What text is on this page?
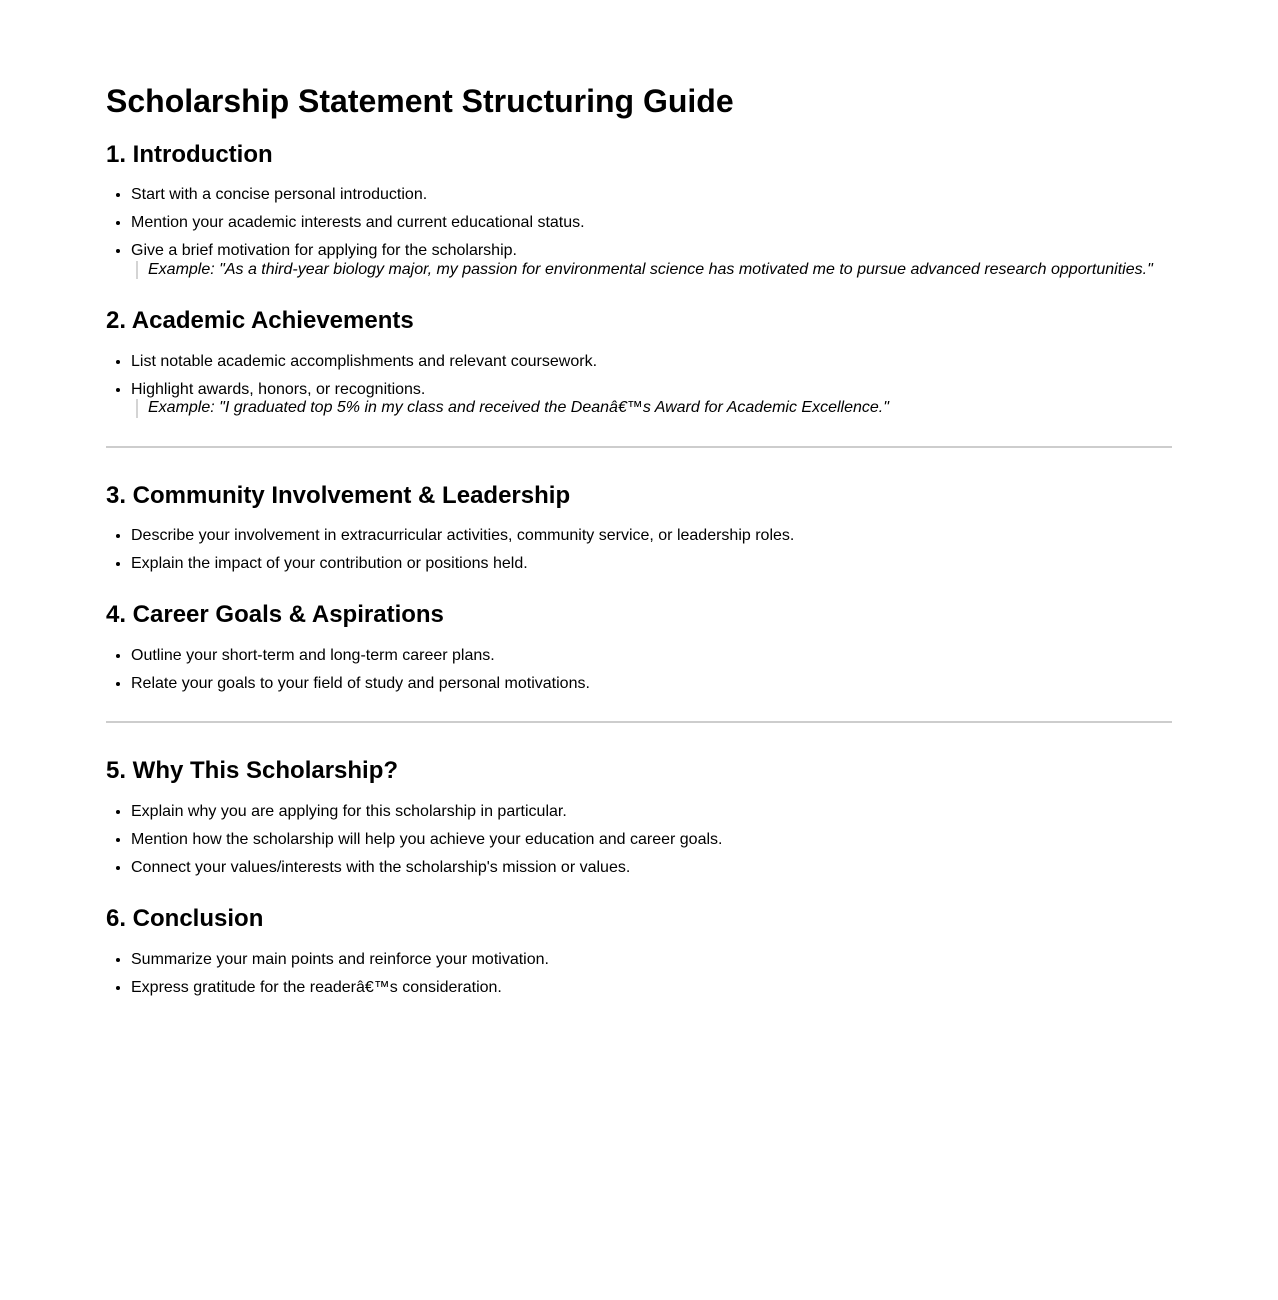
Scholarship Statement Structuring Guide
1. Introduction
• Start with a concise personal introduction.
• Mention your academic interests and current educational status.
• Give a brief motivation for applying for the scholarship.
Example: "As a third-year biology major, my passion for environmental science has motivated me to pursue advanced research opportunities."
2. Academic Achievements
• List notable academic accomplishments and relevant coursework.
• Highlight awards, honors, or recognitions.
Example: "I graduated top 5% in my class and received the Deanâ€™s Award for Academic Excellence."
3. Community Involvement & Leadership
• Describe your involvement in extracurricular activities, community service, or leadership roles.
• Explain the impact of your contribution or positions held.
4. Career Goals & Aspirations
• Outline your short-term and long-term career plans.
• Relate your goals to your field of study and personal motivations.
5. Why This Scholarship?
• Explain why you are applying for this scholarship in particular.
• Mention how the scholarship will help you achieve your education and career goals.
• Connect your values/interests with the scholarship's mission or values.
6. Conclusion
• Summarize your main points and reinforce your motivation.
• Express gratitude for the readerâ€™s consideration.
